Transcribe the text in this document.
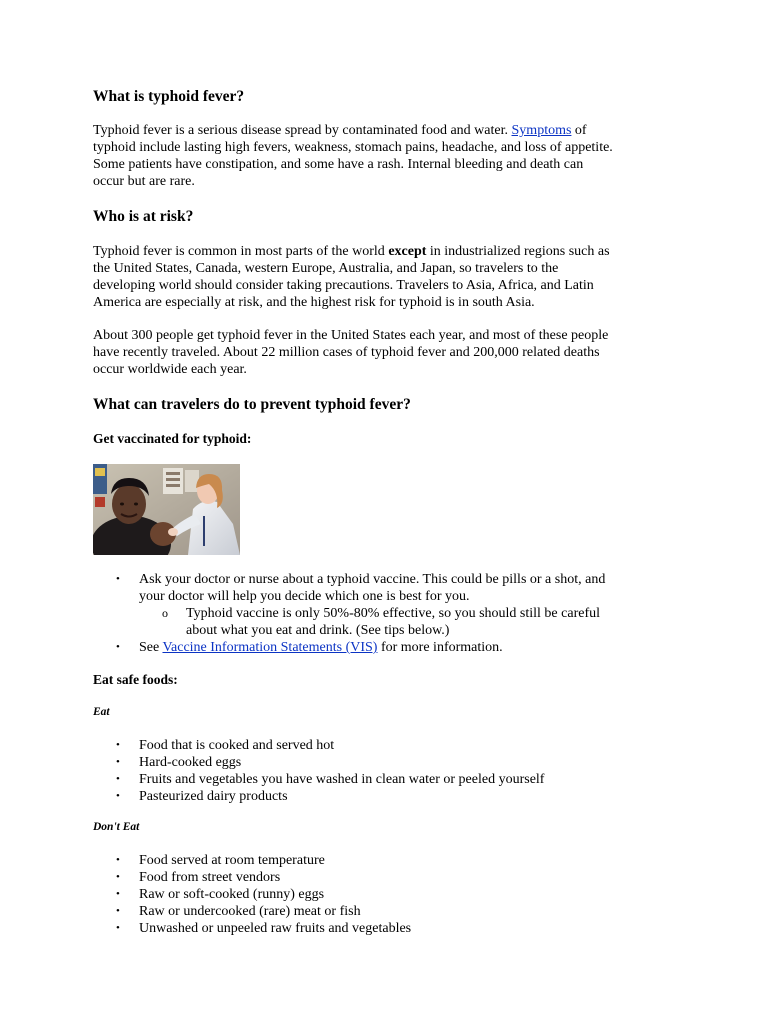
What is typhoid fever?
Typhoid fever is a serious disease spread by contaminated food and water. Symptoms of
typhoid include lasting high fevers, weakness, stomach pains, headache, and loss of appetite.
Some patients have constipation, and some have a rash. Internal bleeding and death can
occur but are rare.
Who is at risk?
Typhoid fever is common in most parts of the world except in industrialized regions such as
the United States, Canada, western Europe, Australia, and Japan, so travelers to the
developing world should consider taking precautions. Travelers to Asia, Africa, and Latin
America are especially at risk, and the highest risk for typhoid is in south Asia.
About 300 people get typhoid fever in the United States each year, and most of these people
have recently traveled. About 22 million cases of typhoid fever and 200,000 related deaths
occur worldwide each year.
What can travelers do to prevent typhoid fever?
Get vaccinated for typhoid:
• Ask your doctor or nurse about a typhoid vaccine. This could be pills or a shot, and
your doctor will help you decide which one is best for you.
o Typhoid vaccine is only 50%-80% effective, so you should still be careful
about what you eat and drink. (See tips below.)
• See Vaccine Information Statements (VIS) for more information.
Eat safe foods:
Eat
• Food that is cooked and served hot
• Hard-cooked eggs
• Fruits and vegetables you have washed in clean water or peeled yourself
• Pasteurized dairy products
Don't Eat
• Food served at room temperature
• Food from street vendors
• Raw or soft-cooked (runny) eggs
• Raw or undercooked (rare) meat or fish
• Unwashed or unpeeled raw fruits and vegetables
